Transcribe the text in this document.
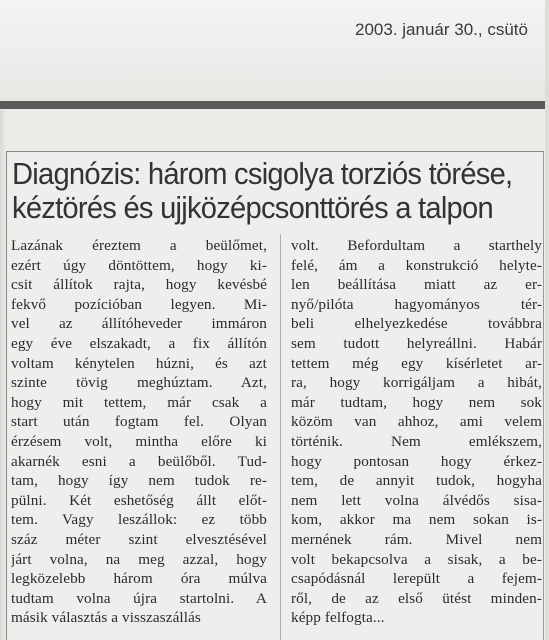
2003. január 30., csütö
Diagnózis: három csigolya torziós törése,
kéztörés és ujjközépcsonttörés a talpon
Lazának éreztem a beülőmet,
ezért úgy döntöttem, hogy ki-
csit állítok rajta, hogy kevésbé
fekvő pozícióban legyen. Mi-
vel az állítóheveder immáron
egy éve elszakadt, a fix állítón
voltam kénytelen húzni, és azt
szinte tövig meghúztam. Azt,
hogy mit tettem, már csak a
start után fogtam fel. Olyan
érzésem volt, mintha előre ki
akarnék esni a beülőből. Tud-
tam, hogy így nem tudok re-
pülni. Két eshetőség állt előt-
tem. Vagy leszállok: ez több
száz méter szint elvesztésével
járt volna, na meg azzal, hogy
legközelebb három óra múlva
tudtam volna újra startolni. A
másik választás a visszaszállás
volt. Befordultam a starthely
felé, ám a konstrukció helyte-
len beállítása miatt az er-
nyő/pilóta hagyományos tér-
beli elhelyezkedése továbbra
sem tudott helyreállni. Habár
tettem még egy kísérletet ar-
ra, hogy korrigáljam a hibát,
már tudtam, hogy nem sok
közöm van ahhoz, ami velem
történik. Nem emlékszem,
hogy pontosan hogy érkez-
tem, de annyit tudok, hogyha
nem lett volna álvédős sisa-
kom, akkor ma nem sokan is-
mernének rám. Mivel nem
volt bekapcsolva a sisak, a be-
csapódásnál lerepült a fejem-
ről, de az első ütést minden-
képp felfogta...
